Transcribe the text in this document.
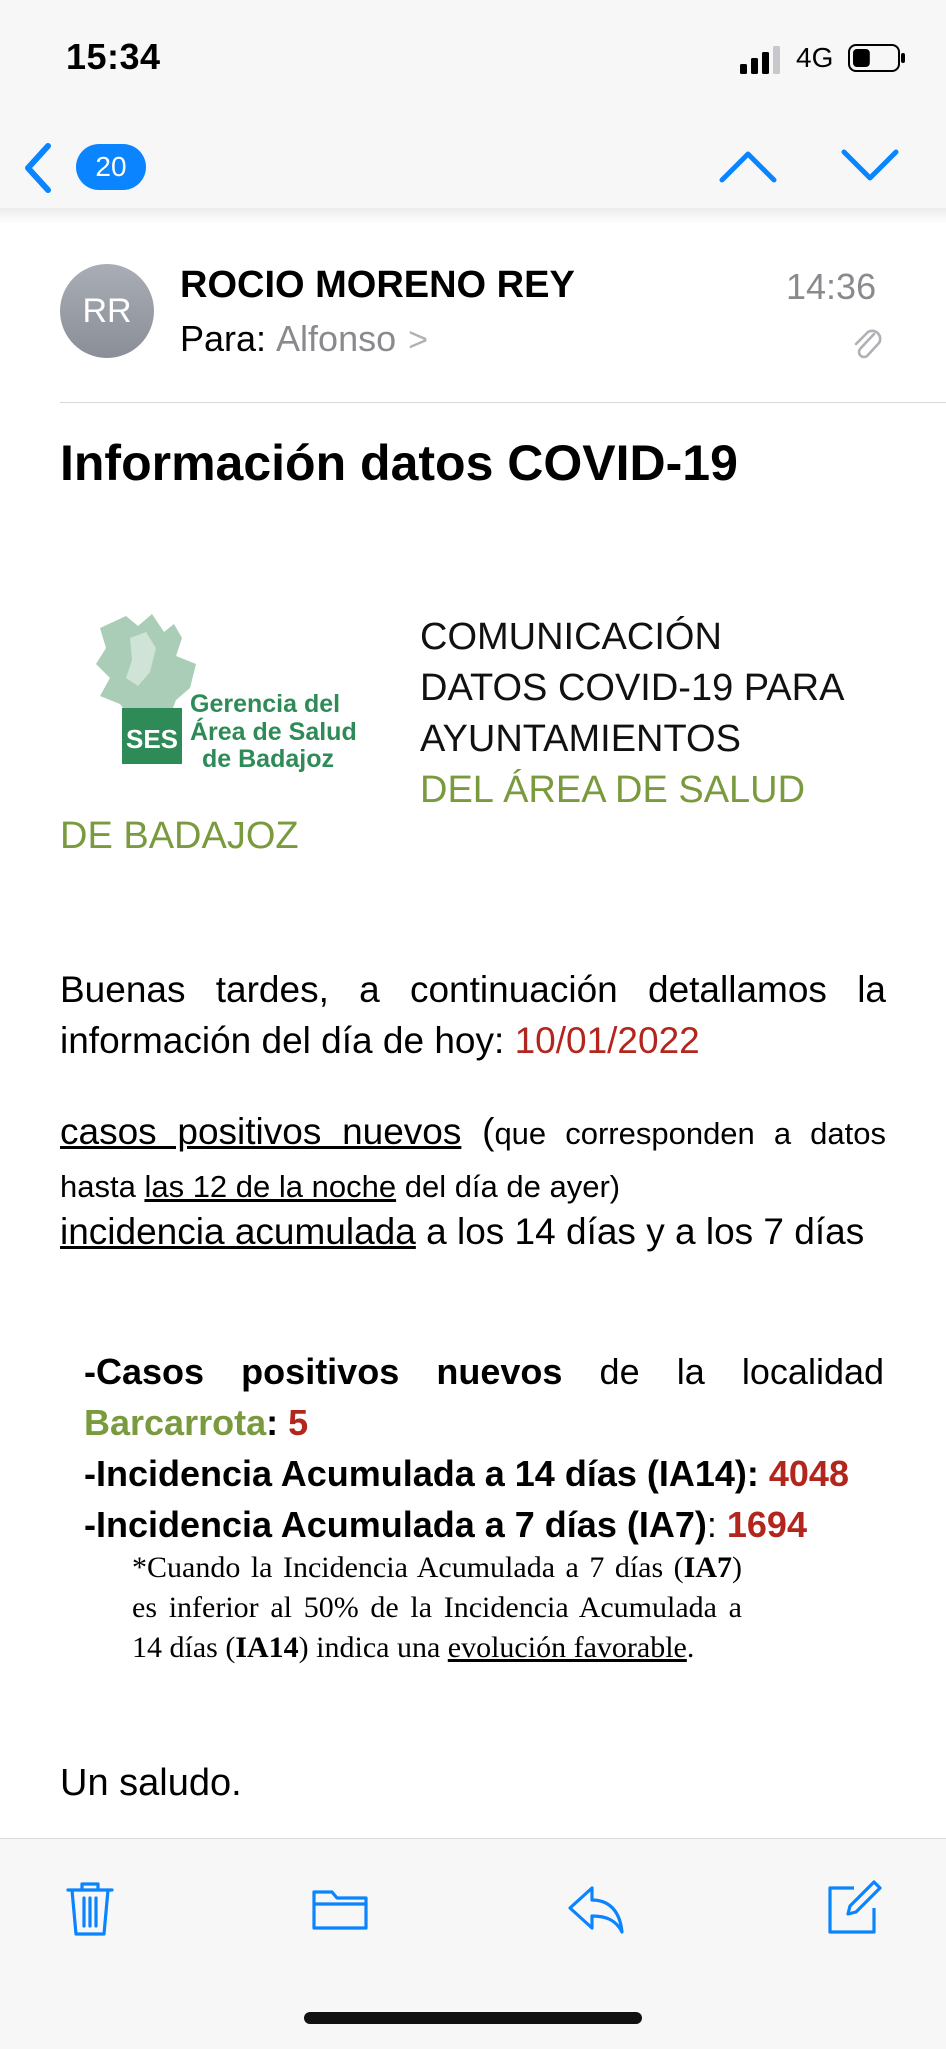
15:34	4G
20
RR
ROCIO MORENO REY
Para: Alfonso >
14:36
Información datos COVID-19
SES
Gerencia del
Área de Salud
de Badajoz
COMUNICACIÓN
DATOS COVID-19 PARA
AYUNTAMIENTOS
DEL ÁREA DE SALUD
DE BADAJOZ
Buenas tardes, a continuación detallamos la información del día de hoy: 10/01/2022
casos positivos nuevos (que corresponden a datos hasta las 12 de la noche del día de ayer)
incidencia acumulada a los 14 días y a los 7 días
-Casos positivos nuevos de la localidad Barcarrota: 5
-Incidencia Acumulada a 14 días (IA14): 4048
-Incidencia Acumulada a 7 días (IA7): 1694
*Cuando la Incidencia Acumulada a 7 días (IA7) es inferior al 50% de la Incidencia Acumulada a 14 días (IA14) indica una evolución favorable.
Un saludo.
